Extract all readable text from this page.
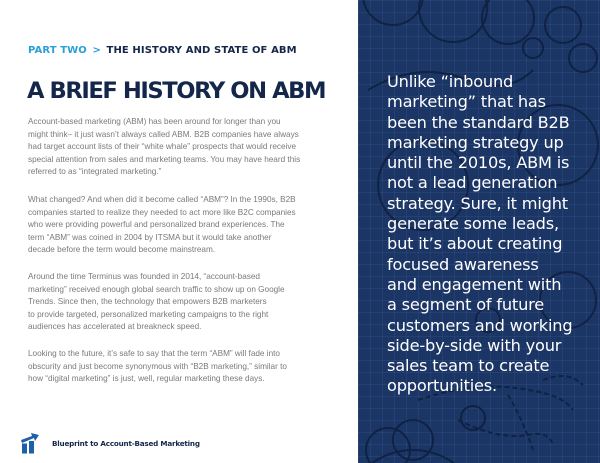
PART TWO > THE HISTORY AND STATE OF ABM
A BRIEF HISTORY ON ABM

Account-based marketing (ABM) has been around for longer than you

might think– it just wasn’t always called ABM. B2B companies have always

had target account lists of their “white whale” prospects that would receive

special attention from sales and marketing teams. You may have heard this

referred to as “integrated marketing.”

What changed? And when did it become called “ABM”? In the 1990s, B2B

companies started to realize they needed to act more like B2C companies

who were providing powerful and personalized brand experiences. The

term “ABM” was coined in 2004 by ITSMA but it would take another

decade before the term would become mainstream.

Around the time Terminus was founded in 2014, “account-based

marketing” received enough global search traffic to show up on Google

Trends. Since then, the technology that empowers B2B marketers

to provide targeted, personalized marketing campaigns to the right

audiences has accelerated at breakneck speed.

Looking to the future, it’s safe to say that the term “ABM” will fade into

obscurity and just become synonymous with “B2B marketing,” similar to

how “digital marketing” is just, well, regular marketing these days.

Blueprint to Account-Based Marketing
Unlike “inbound
marketing” that has
been the standard B2B
marketing strategy up
until the 2010s, ABM is
not a lead generation
strategy. Sure, it might
generate some leads,
but it’s about creating
focused awareness
and engagement with
a segment of future
customers and working
side-by-side with your
sales team to create
opportunities.
